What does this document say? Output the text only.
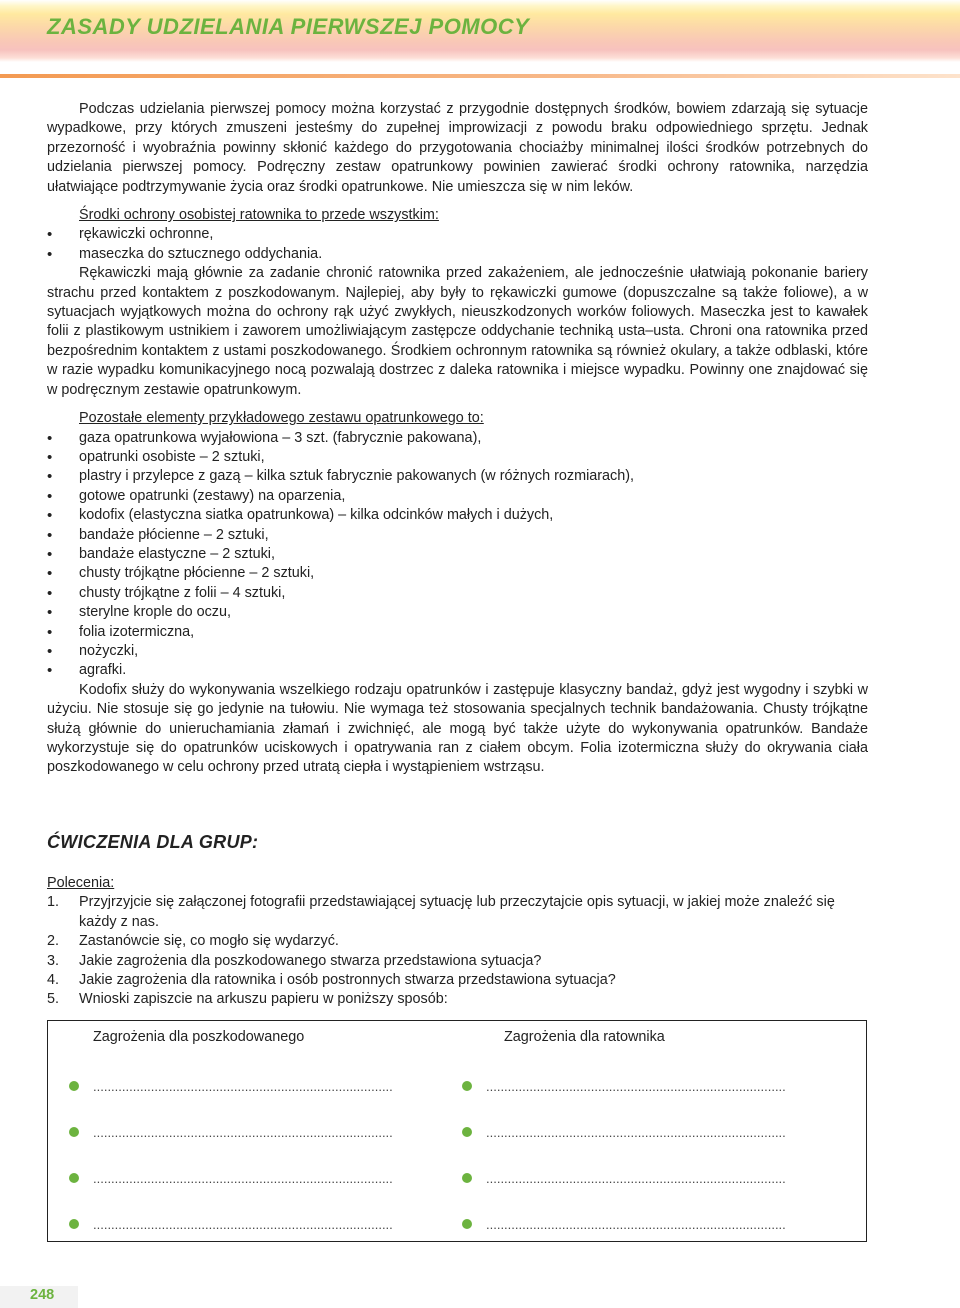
ZASADY UDZIELANIA PIERWSZEJ POMOCY

Podczas udzielania pierwszej pomocy można korzystać z przygodnie dostępnych środków, bowiem zdarzają się sytuacje wypadkowe, przy których zmuszeni jesteśmy do zupełnej improwizacji z powodu braku odpowiedniego sprzętu. Jednak przezorność i wyobraźnia powinny skłonić każdego do przygotowania chociażby minimalnej ilości środków potrzebnych do udzielania pierwszej pomocy. Podręczny zestaw opatrunkowy powinien zawierać środki ochrony ratownika, narzędzia ułatwiające podtrzymywanie życia oraz środki opatrunkowe. Nie umieszcza się w nim leków.

Środki ochrony osobistej ratownika to przede wszystkim:
• rękawiczki ochronne,
• maseczka do sztucznego oddychania.

Rękawiczki mają głównie za zadanie chronić ratownika przed zakażeniem, ale jednocześnie ułatwiają pokonanie bariery strachu przed kontaktem z poszkodowanym. Najlepiej, aby były to rękawiczki gumowe (dopuszczalne są także foliowe), a w sytuacjach wyjątkowych można do ochrony rąk użyć zwykłych, nieuszkodzonych worków foliowych. Maseczka jest to kawałek folii z plastikowym ustnikiem i zaworem umożliwiającym zastępcze oddychanie techniką usta–usta. Chroni ona ratownika przed bezpośrednim kontaktem z ustami poszkodowanego. Środkiem ochronnym ratownika są również okulary, a także odblaski, które w razie wypadku komunikacyjnego nocą pozwalają dostrzec z daleka ratownika i miejsce wypadku. Powinny one znajdować się w podręcznym zestawie opatrunkowym.

Pozostałe elementy przykładowego zestawu opatrunkowego to:
• gaza opatrunkowa wyjałowiona – 3 szt. (fabrycznie pakowana),
• opatrunki osobiste – 2 sztuki,
• plastry i przylepce z gazą – kilka sztuk fabrycznie pakowanych (w różnych rozmiarach),
• gotowe opatrunki (zestawy) na oparzenia,
• kodofix (elastyczna siatka opatrunkowa) – kilka odcinków małych i dużych,
• bandaże płócienne – 2 sztuki,
• bandaże elastyczne – 2 sztuki,
• chusty trójkątne płócienne – 2 sztuki,
• chusty trójkątne z folii – 4 sztuki,
• sterylne krople do oczu,
• folia izotermiczna,
• nożyczki,
• agrafki.

Kodofix służy do wykonywania wszelkiego rodzaju opatrunków i zastępuje klasyczny bandaż, gdyż jest wygodny i szybki w użyciu. Nie stosuje się go jedynie na tułowiu. Nie wymaga też stosowania specjalnych technik bandażowania. Chusty trójkątne służą głównie do unieruchamiania złamań i zwichnięć, ale mogą być także użyte do wykonywania opatrunków. Bandaże wykorzystuje się do opatrunków uciskowych i opatrywania ran z ciałem obcym. Folia izotermiczna służy do okrywania ciała poszkodowanego w celu ochrony przed utratą ciepła i wystąpieniem wstrząsu.

ĆWICZENIA DLA GRUP:
Polecenia:
1. Przyjrzyjcie się załączonej fotografii przedstawiającej sytuację lub przeczytajcie opis sytuacji, w jakiej może znaleźć się każdy z nas.
2. Zastanówcie się, co mogło się wydarzyć.
3. Jakie zagrożenia dla poszkodowanego stwarza przedstawiona sytuacja?
4. Jakie zagrożenia dla ratownika i osób postronnych stwarza przedstawiona sytuacja?
5. Wnioski zapiszcie na arkuszu papieru w poniższy sposób:
Zagrożenia dla poszkodowanego	Zagrożenia dla ratownika
...................................................................................	...................................................................................
...................................................................................	...................................................................................
...................................................................................	...................................................................................
...................................................................................	...................................................................................
248
